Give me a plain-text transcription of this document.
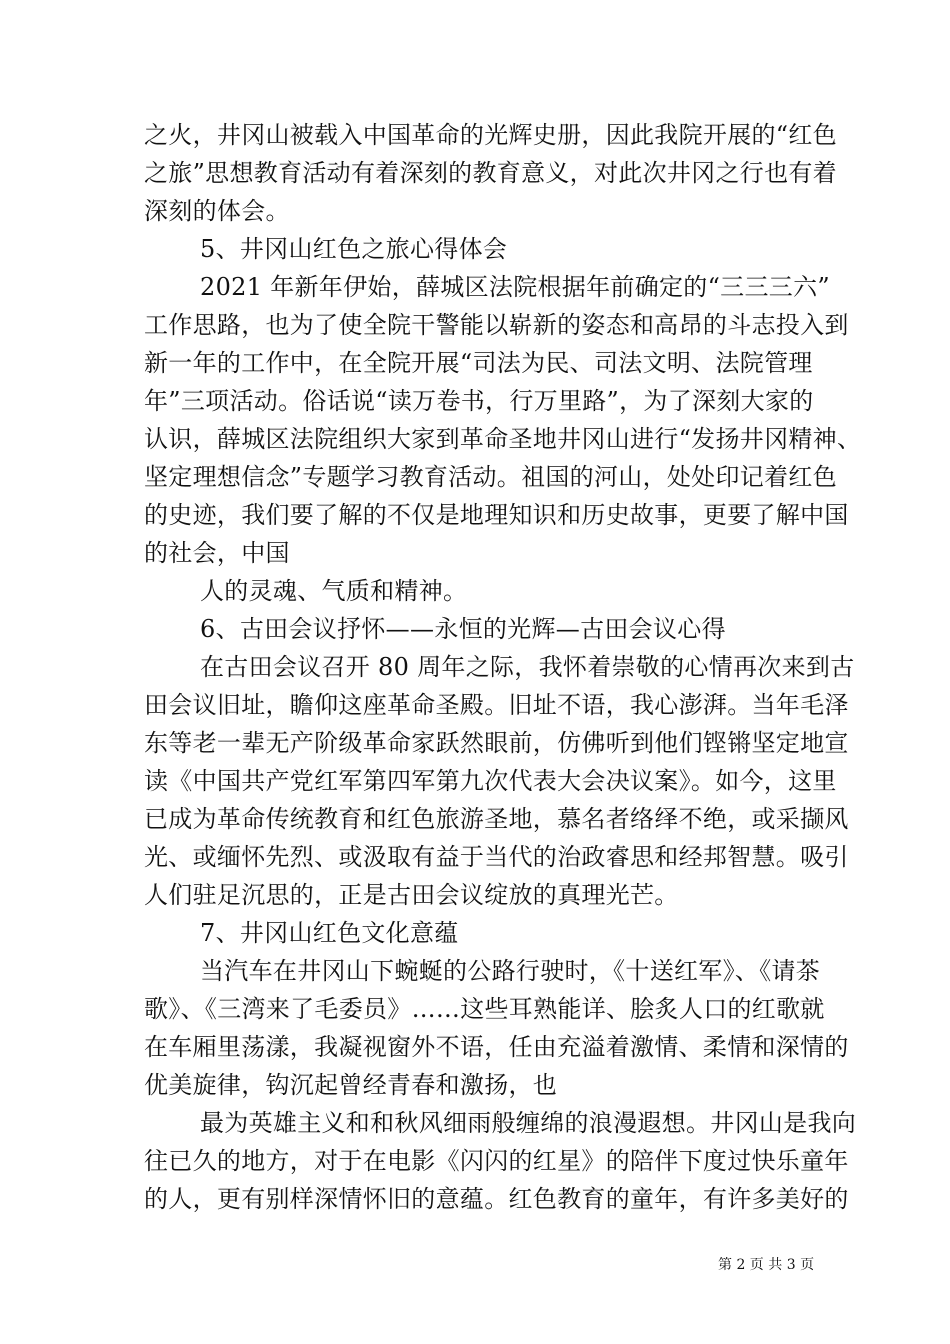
之火，井冈山被载入中国革命的光辉史册，因此我院开展的“红色

之旅”思想教育活动有着深刻的教育意义，对此次井冈之行也有着

深刻的体会。

5、井冈山红色之旅心得体会

2021 年新年伊始，薛城区法院根据年前确定的“三三三六”

工作思路，也为了使全院干警能以崭新的姿态和高昂的斗志投入到

新一年的工作中，在全院开展“司法为民、司法文明、法院管理

年”三项活动。俗话说“读万卷书，行万里路”，为了深刻大家的

认识，薛城区法院组织大家到革命圣地井冈山进行“发扬井冈精神、

坚定理想信念”专题学习教育活动。祖国的河山，处处印记着红色

的史迹，我们要了解的不仅是地理知识和历史故事，更要了解中国

的社会，中国

人的灵魂、气质和精神。

6、古田会议抒怀——永恒的光辉—古田会议心得

在古田会议召开 80 周年之际，我怀着崇敬的心情再次来到古

田会议旧址，瞻仰这座革命圣殿。旧址不语，我心澎湃。当年毛泽

东等老一辈无产阶级革命家跃然眼前，仿佛听到他们铿锵坚定地宣

读《中国共产党红军第四军第九次代表大会决议案》。如今，这里

已成为革命传统教育和红色旅游圣地，慕名者络绎不绝，或采撷风

光、或缅怀先烈、或汲取有益于当代的治政睿思和经邦智慧。吸引

人们驻足沉思的，正是古田会议绽放的真理光芒。

7、井冈山红色文化意蕴

当汽车在井冈山下蜿蜒的公路行驶时，《十送红军》、《请茶

歌》、《三湾来了毛委员》……这些耳熟能详、脍炙人口的红歌就

在车厢里荡漾，我凝视窗外不语，任由充溢着激情、柔情和深情的

优美旋律，钩沉起曾经青春和激扬，也

最为英雄主义和和秋风细雨般缠绵的浪漫遐想。井冈山是我向

往已久的地方，对于在电影《闪闪的红星》的陪伴下度过快乐童年

的人，更有别样深情怀旧的意蕴。红色教育的童年，有许多美好的

第 2 页 共 3 页
